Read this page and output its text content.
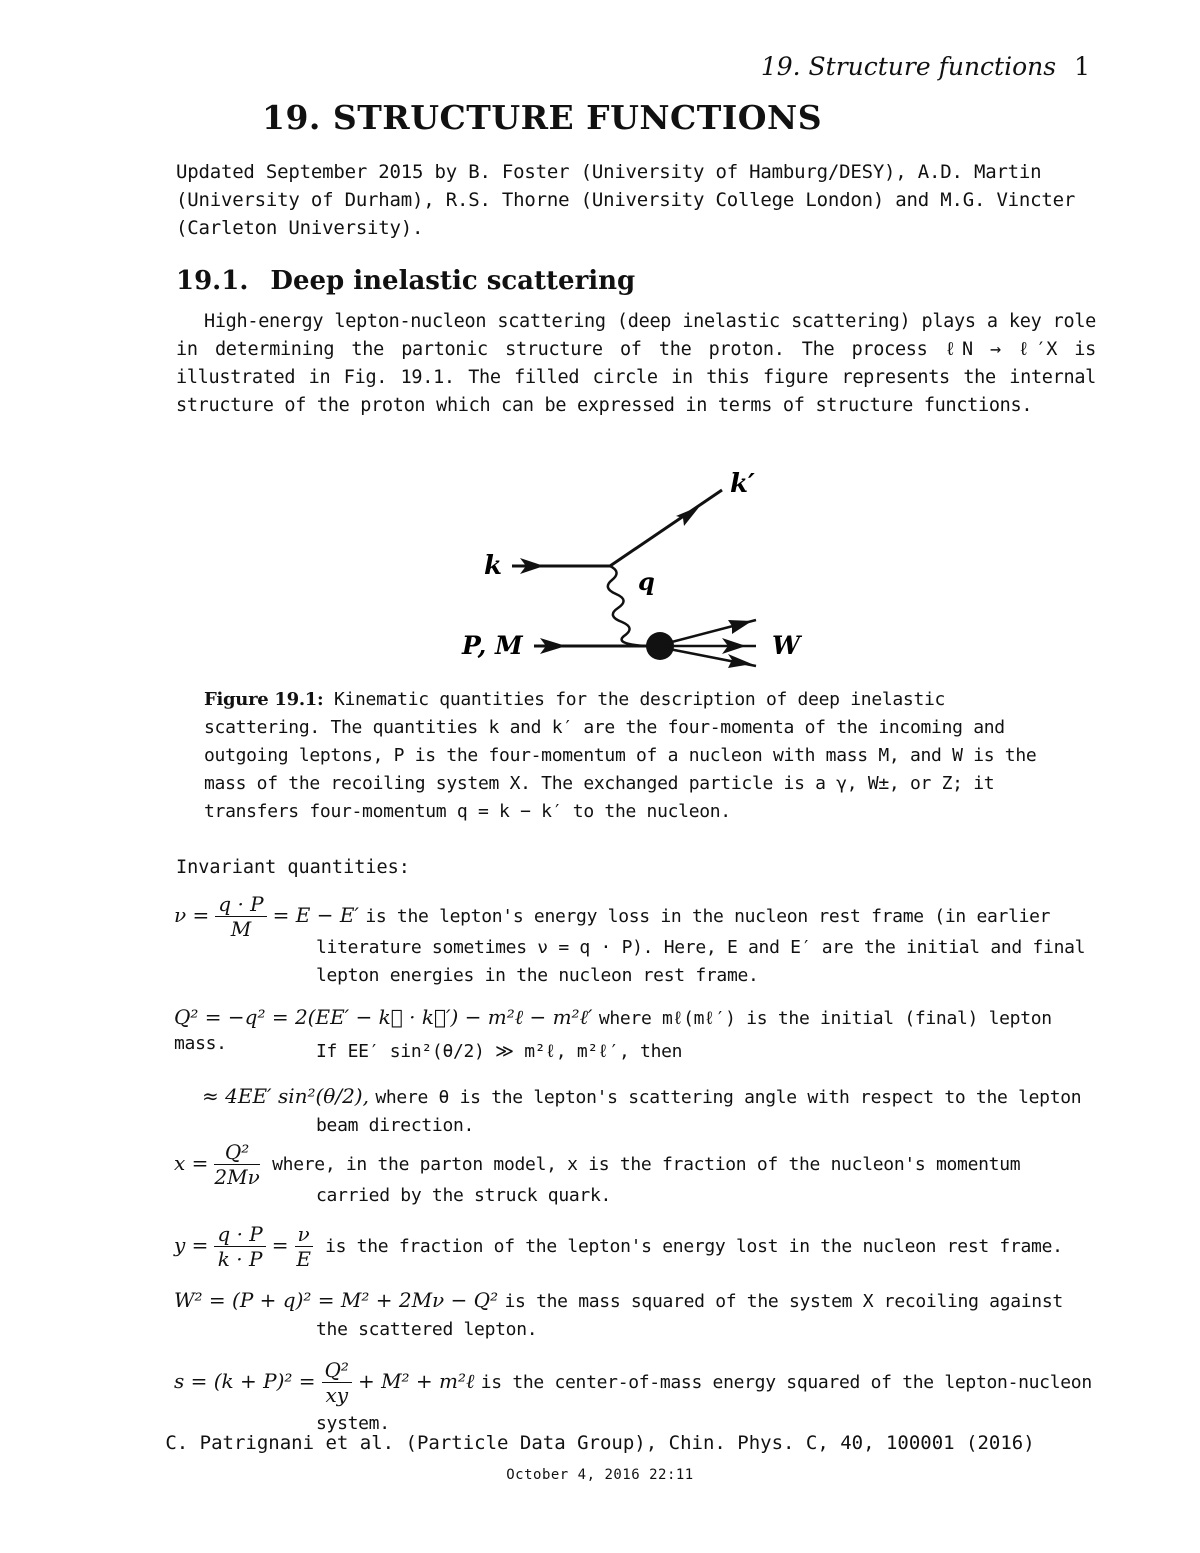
19. Structure functions 1
19. STRUCTURE FUNCTIONS
Updated September 2015 by B. Foster (University of Hamburg/DESY), A.D. Martin (University of Durham), R.S. Thorne (University College London) and M.G. Vincter (Carleton University).
19.1. Deep inelastic scattering
High-energy lepton-nucleon scattering (deep inelastic scattering) plays a key role in determining the partonic structure of the proton. The process ℓN → ℓ′X is illustrated in Fig. 19.1. The filled circle in this figure represents the internal structure of the proton which can be expressed in terms of structure functions.
k
k′
q
P, M	W
Figure 19.1: Kinematic quantities for the description of deep inelastic scattering. The quantities k and k′ are the four-momenta of the incoming and outgoing leptons, P is the four-momentum of a nucleon with mass M, and W is the mass of the recoiling system X. The exchanged particle is a γ, W±, or Z; it transfers four-momentum q = k − k′ to the nucleon.
Invariant quantities:
$\nu = \frac{q \cdot P}{M} = E - E'$ is the lepton's energy loss in the nucleon rest frame (in earlier
literature sometimes ν = q · P). Here, E and E′ are the initial and final lepton energies in the nucleon rest frame.
Q² = −q² = 2(EE′ − k⃗ · k⃗′) − m²ℓ − m²ℓ′ where mℓ(mℓ′) is the initial (final) lepton mass.	If EE′ sin²(θ/2) ≫ m²ℓ, m²ℓ′, then
≈ 4EE′ sin²(θ/2), where θ is the lepton's scattering angle with respect to the lepton
beam direction.
$x = \frac{\text{Q²}}{2M\nu}$ where, in the parton model, x is the fraction of the nucleon's momentum
carried by the struck quark.
$y = \frac{q \cdot P}{k \cdot P} = \frac{\nu}{E}$ is the fraction of the lepton's energy lost in the nucleon rest frame.
W² = (P + q)² = M² + 2Mν − Q² is the mass squared of the system X recoiling against
the scattered lepton.
$s = (k + P)^2 = \frac{\text{Q²}}{xy} + M^2$ + m²ℓ is the center-of-mass energy squared of the lepton-nucleon
system.
C. Patrignani et al. (Particle Data Group), Chin. Phys. C, 40, 100001 (2016)
October 4, 2016 22:11
